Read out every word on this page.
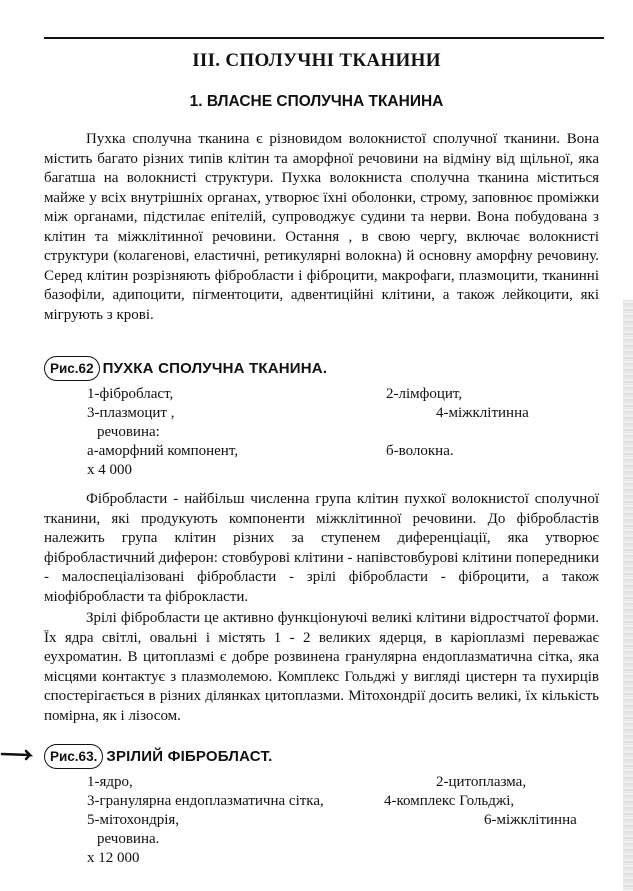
III. СПОЛУЧНІ ТКАНИНИ
1. ВЛАСНЕ СПОЛУЧНА ТКАНИНА

Пухка сполучна тканина є різновидом волокнистої сполучної тканини. Вона містить багато різних типів клітин та аморфної речовини на відміну від щільної, яка багатша на волокнисті структури. Пухка волокниста сполучна тканина міститься майже у всіх внутрішніх органах, утворює їхні оболонки, строму, заповнює проміжки між органами, підстилає епітелій, супроводжує судини та нерви. Вона побудована з клітин та міжклітинної речовини. Остання , в свою чергу, включає волокнисті структури (колагенові, еластичні, ретикулярні волокна) й основну аморфну речовину. Серед клітин розрізняють фібробласти і фіброцити, макрофаги, плазмоцити, тканинні базофіли, адипоцити, пігментоцити, адвентиційні клітини, а також лейкоцити, які мігрують з крові.

Рис.62 ПУХКА СПОЛУЧНА ТКАНИНА.
1-фібробласт,	2-лімфоцит,
3-плазмоцит ,	4-міжклітинна
речовина:
а-аморфний компонент,	б-волокна.
х 4 000

Фібробласти - найбільш численна група клітин пухкої волокнистої сполучної тканини, які продукують компоненти міжклітинної речовини. До фібробластів належить група клітин різних за ступенем диференціації, яка утворює фібробластичний диферон: стовбурові клітини - напівстовбурові клітини попередники - малоспеціалізовані фібробласти - зрілі фібробласти - фіброцити, а також міофібробласти та фіброкласти.

Зрілі фібробласти це активно функціонуючі великі клітини відростчатої форми. Їх ядра світлі, овальні і містять 1 - 2 великих ядерця, в каріоплазмі переважає еухроматин. В цитоплазмі є добре розвинена гранулярна ендоплазматична сітка, яка місцями контактує з плазмолемою. Комплекс Гольджі у вигляді цистерн та пухирців спостерігається в різних ділянках цитоплазми. Мітохондрії досить великі, їх кількість помірна, як і лізосом.

Рис.63. ЗРІЛИЙ ФІБРОБЛАСТ.
1-ядро,	2-цитоплазма,
3-гранулярна ендоплазматична сітка,	4-комплекс Гольджі,
5-мітохондрія,	6-міжклітинна
речовина.
х 12 000
